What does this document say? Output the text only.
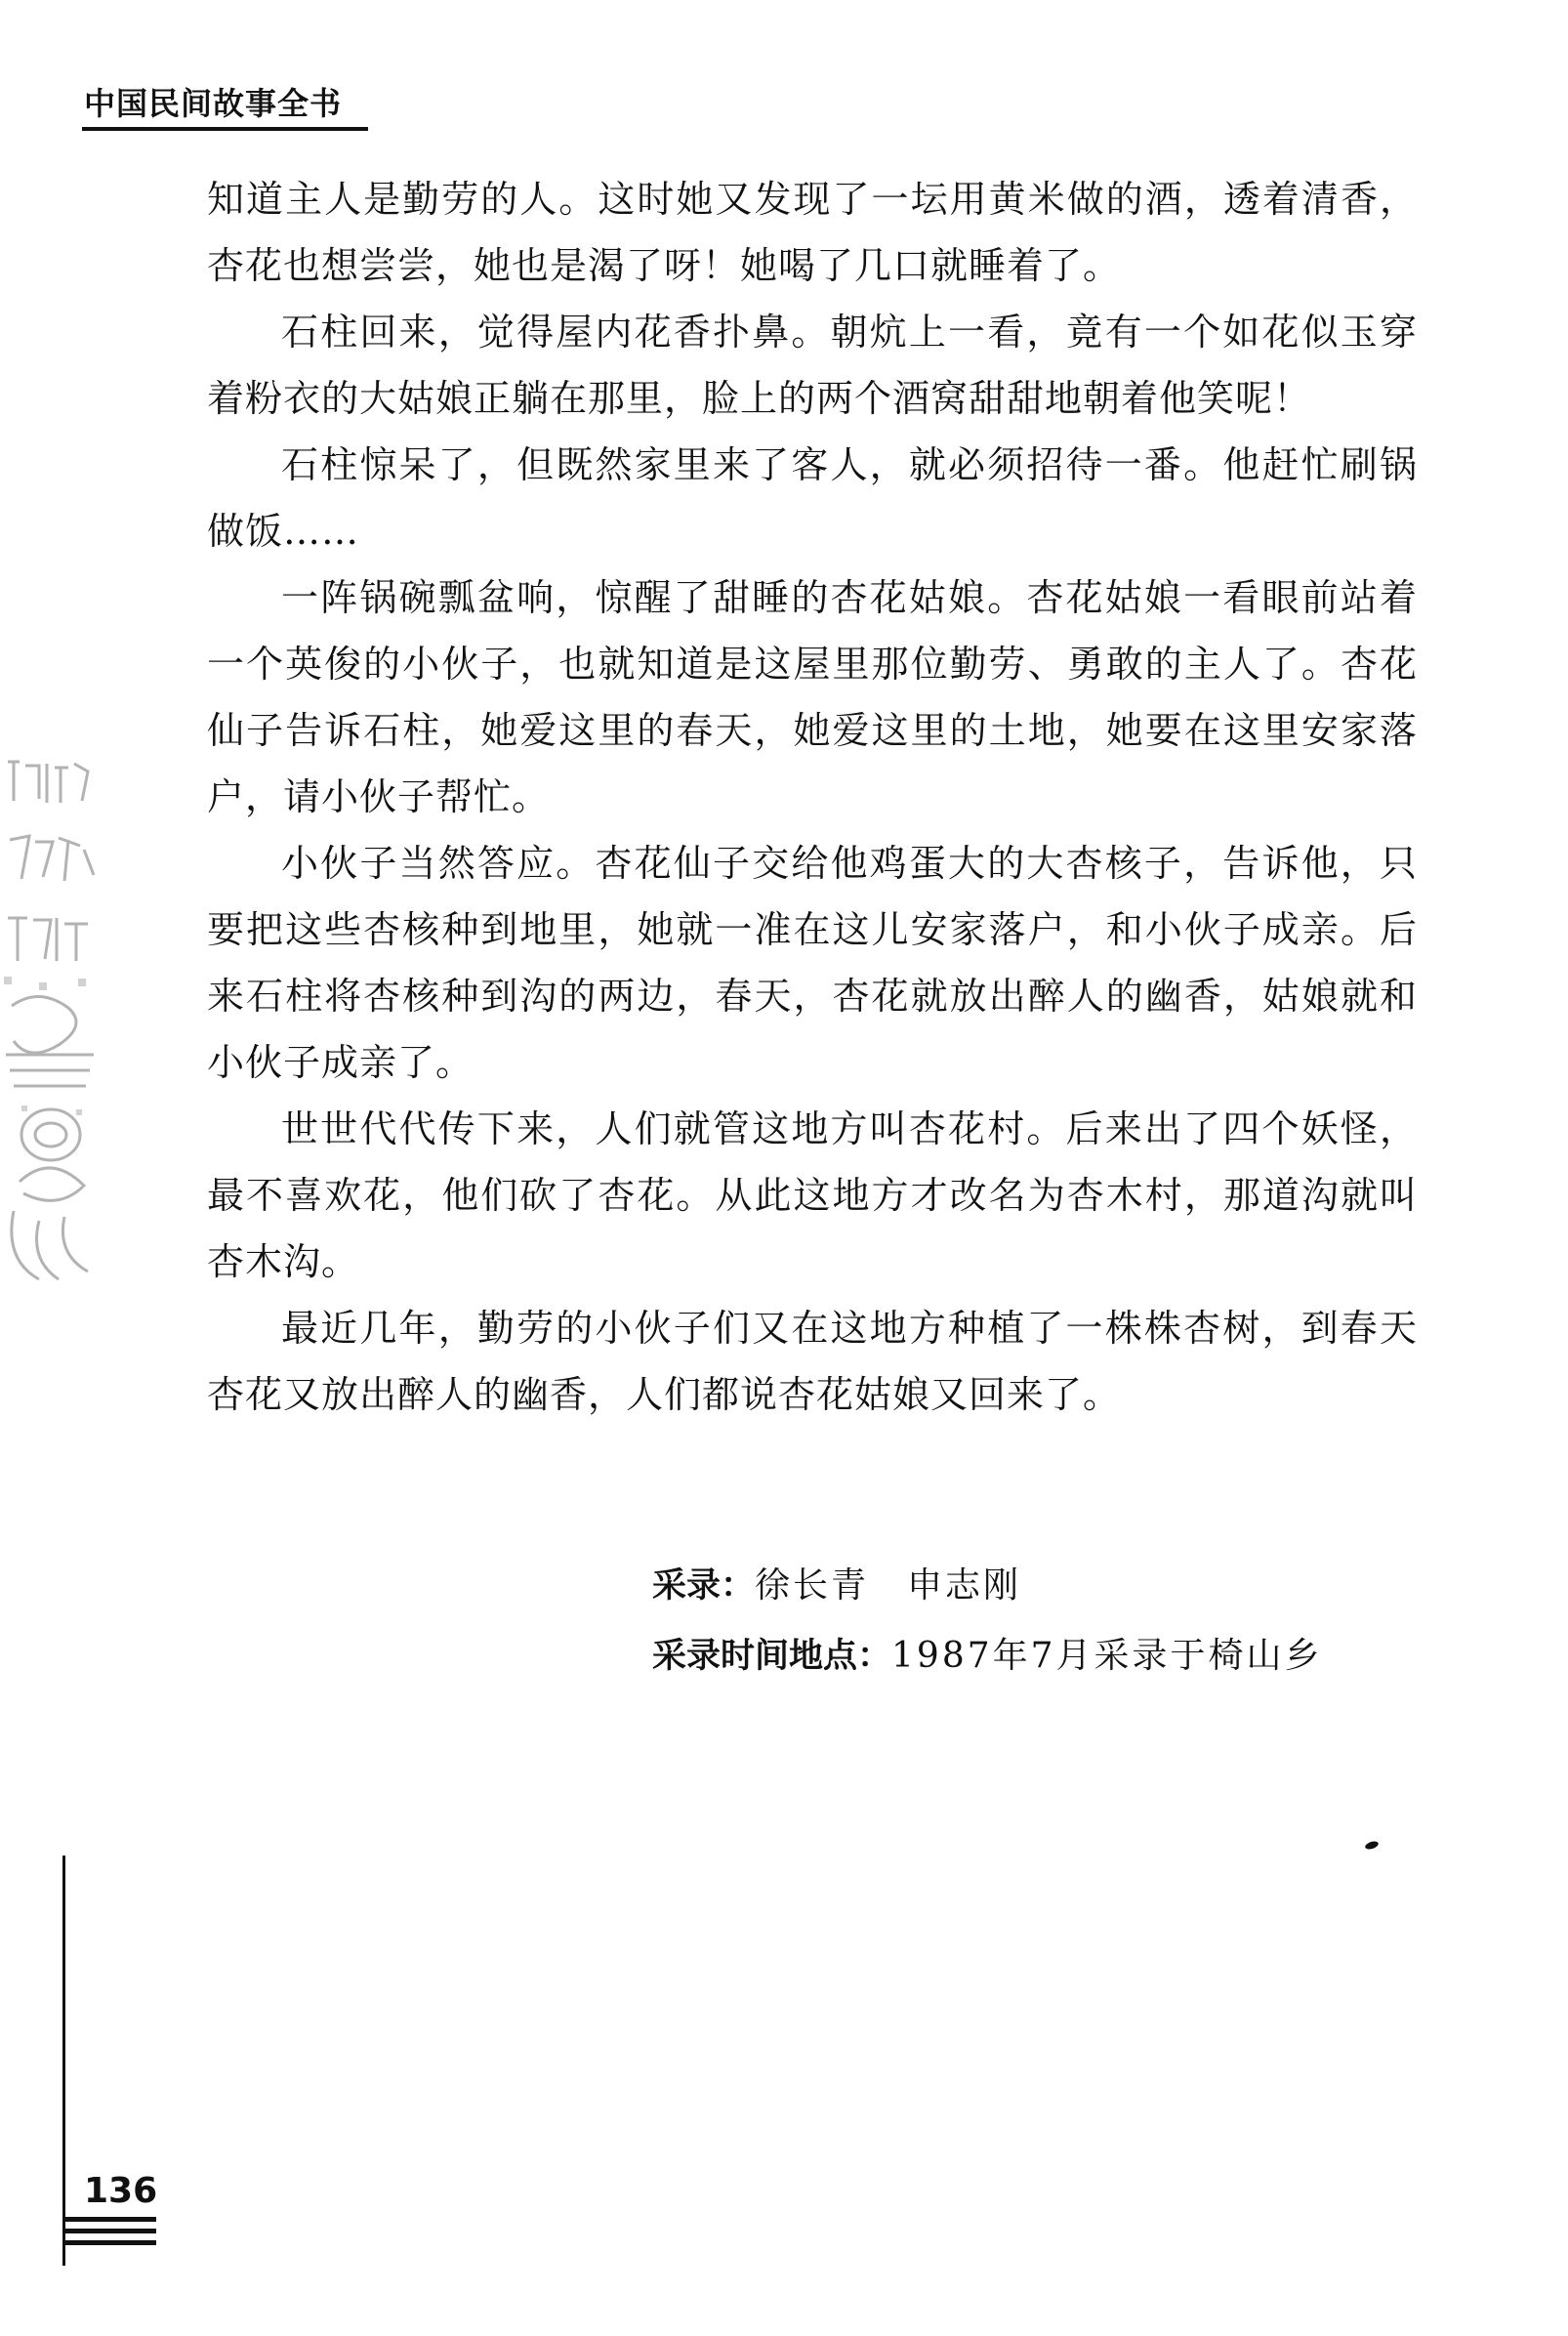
中国民间故事全书

知道主人是勤劳的人。这时她又发现了一坛用黄米做的酒，透着清香，杏花也想尝尝，她也是渴了呀！她喝了几口就睡着了。

石柱回来，觉得屋内花香扑鼻。朝炕上一看，竟有一个如花似玉穿着粉衣的大姑娘正躺在那里，脸上的两个酒窝甜甜地朝着他笑呢！

石柱惊呆了，但既然家里来了客人，就必须招待一番。他赶忙刷锅做饭……

一阵锅碗瓢盆响，惊醒了甜睡的杏花姑娘。杏花姑娘一看眼前站着一个英俊的小伙子，也就知道是这屋里那位勤劳、勇敢的主人了。杏花仙子告诉石柱，她爱这里的春天，她爱这里的土地，她要在这里安家落户，请小伙子帮忙。

小伙子当然答应。杏花仙子交给他鸡蛋大的大杏核子，告诉他，只要把这些杏核种到地里，她就一准在这儿安家落户，和小伙子成亲。后来石柱将杏核种到沟的两边，春天，杏花就放出醉人的幽香，姑娘就和小伙子成亲了。

世世代代传下来，人们就管这地方叫杏花村。后来出了四个妖怪，最不喜欢花，他们砍了杏花。从此这地方才改名为杏木村，那道沟就叫杏木沟。

最近几年，勤劳的小伙子们又在这地方种植了一株株杏树，到春天杏花又放出醉人的幽香，人们都说杏花姑娘又回来了。

采录：徐长青　申志刚
采录时间地点：1987年7月采录于椅山乡
136
